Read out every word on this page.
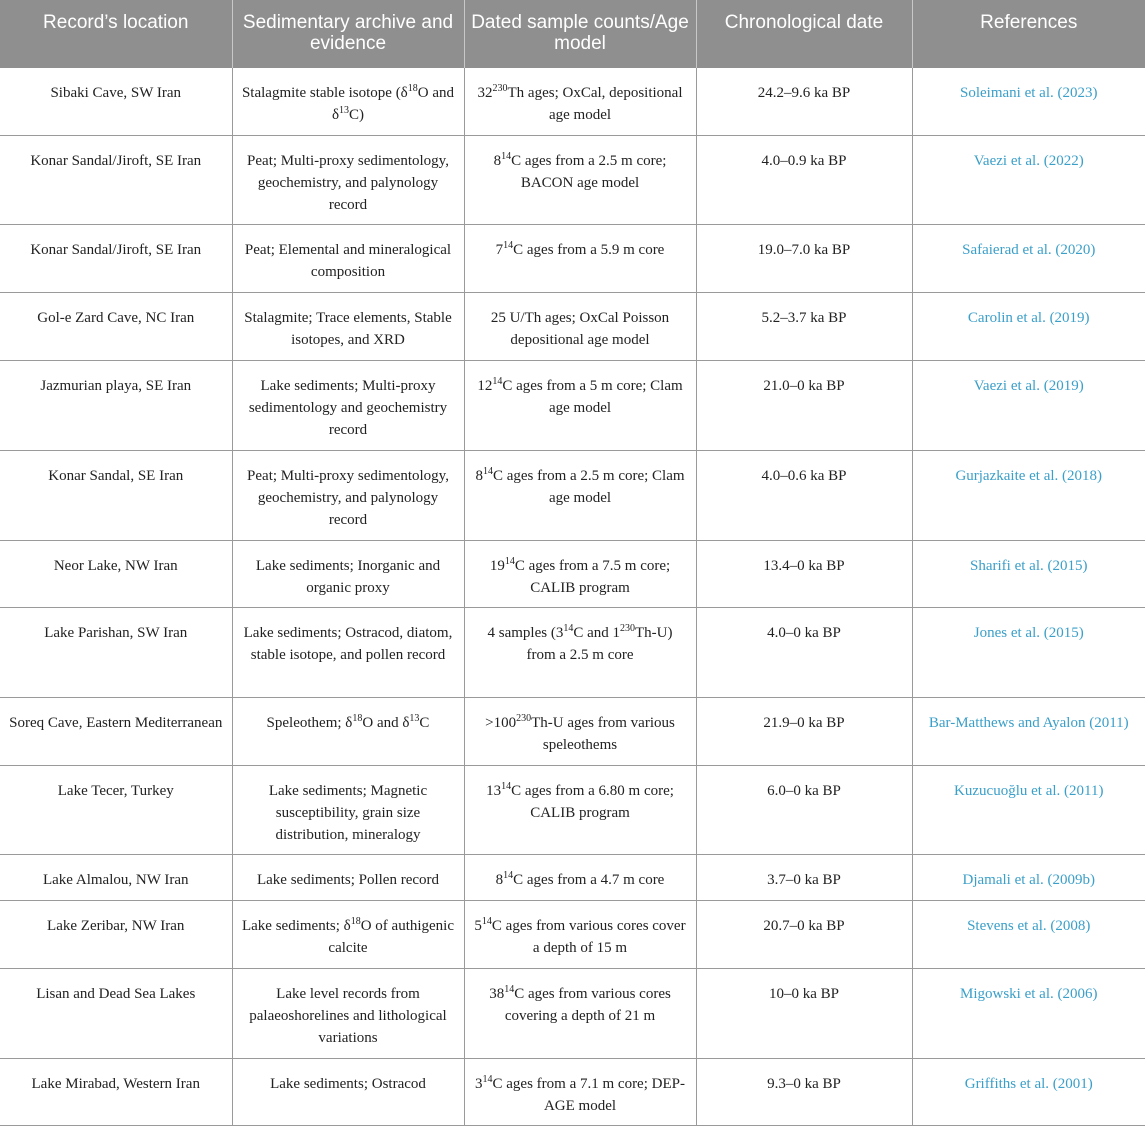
Record’s location	Sedimentary archive and evidence	Dated sample counts/Age model	Chronological date	References
Sibaki Cave, SW Iran	Stalagmite stable isotope ($\delta^{18}O$ and $\delta^{13}C$)	$32^{230}Th$ ages; OxCal, depositional age model	24.2–9.6 ka BP	Soleimani et al. (2023)
Konar Sandal/Jiroft, SE Iran	Peat; Multi-proxy sedimentology, geochemistry, and palynology record	$8^{14}C$ ages from a 2.5 m core; BACON age model	4.0–0.9 ka BP	Vaezi et al. (2022)
Konar Sandal/Jiroft, SE Iran	Peat; Elemental and mineralogical composition	$7^{14}C$ ages from a 5.9 m core	19.0–7.0 ka BP	Safaierad et al. (2020)
Gol-e Zard Cave, NC Iran	Stalagmite; Trace elements, Stable isotopes, and XRD	25 U/Th ages; OxCal Poisson depositional age model	5.2–3.7 ka BP	Carolin et al. (2019)
Jazmurian playa, SE Iran	Lake sediments; Multi-proxy sedimentology and geochemistry record	$12^{14}C$ ages from a 5 m core; Clam age model	21.0–0 ka BP	Vaezi et al. (2019)
Konar Sandal, SE Iran	Peat; Multi-proxy sedimentology, geochemistry, and palynology record	$8^{14}C$ ages from a 2.5 m core; Clam age model	4.0–0.6 ka BP	Gurjazkaite et al. (2018)
Neor Lake, NW Iran	Lake sediments; Inorganic and organic proxy	$19^{14}C$ ages from a 7.5 m core; CALIB program	13.4–0 ka BP	Sharifi et al. (2015)
Lake Parishan, SW Iran	Lake sediments; Ostracod, diatom, stable isotope, and pollen record	4 samples ($3^{14}C$ and $1^{230}Th-U$) from a 2.5 m core	4.0–0 ka BP	Jones et al. (2015)
Soreq Cave, Eastern Mediterranean	Speleothem; $\delta^{18}O$ and $\delta^{13}C$	$>100^{230}Th-U$ ages from various speleothems	21.9–0 ka BP	Bar-Matthews and Ayalon (2011)
Lake Tecer, Turkey	Lake sediments; Magnetic susceptibility, grain size distribution, mineralogy	$13^{14}C$ ages from a 6.80 m core; CALIB program	6.0–0 ka BP	Kuzucuoğlu et al. (2011)
Lake Almalou, NW Iran	Lake sediments; Pollen record	$8^{14}C$ ages from a 4.7 m core	3.7–0 ka BP	Djamali et al. (2009b)
Lake Zeribar, NW Iran	Lake sediments; $\delta^{18}O$ of authigenic calcite	$5^{14}C$ ages from various cores cover a depth of 15 m	20.7–0 ka BP	Stevens et al. (2008)
Lisan and Dead Sea Lakes	Lake level records from palaeoshorelines and lithological variations	$38^{14}C$ ages from various cores covering a depth of 21 m	10–0 ka BP	Migowski et al. (2006)
Lake Mirabad, Western Iran	Lake sediments; Ostracod	$3^{14}C$ ages from a 7.1 m core; DEP-AGE model	9.3–0 ka BP	Griffiths et al. (2001)
